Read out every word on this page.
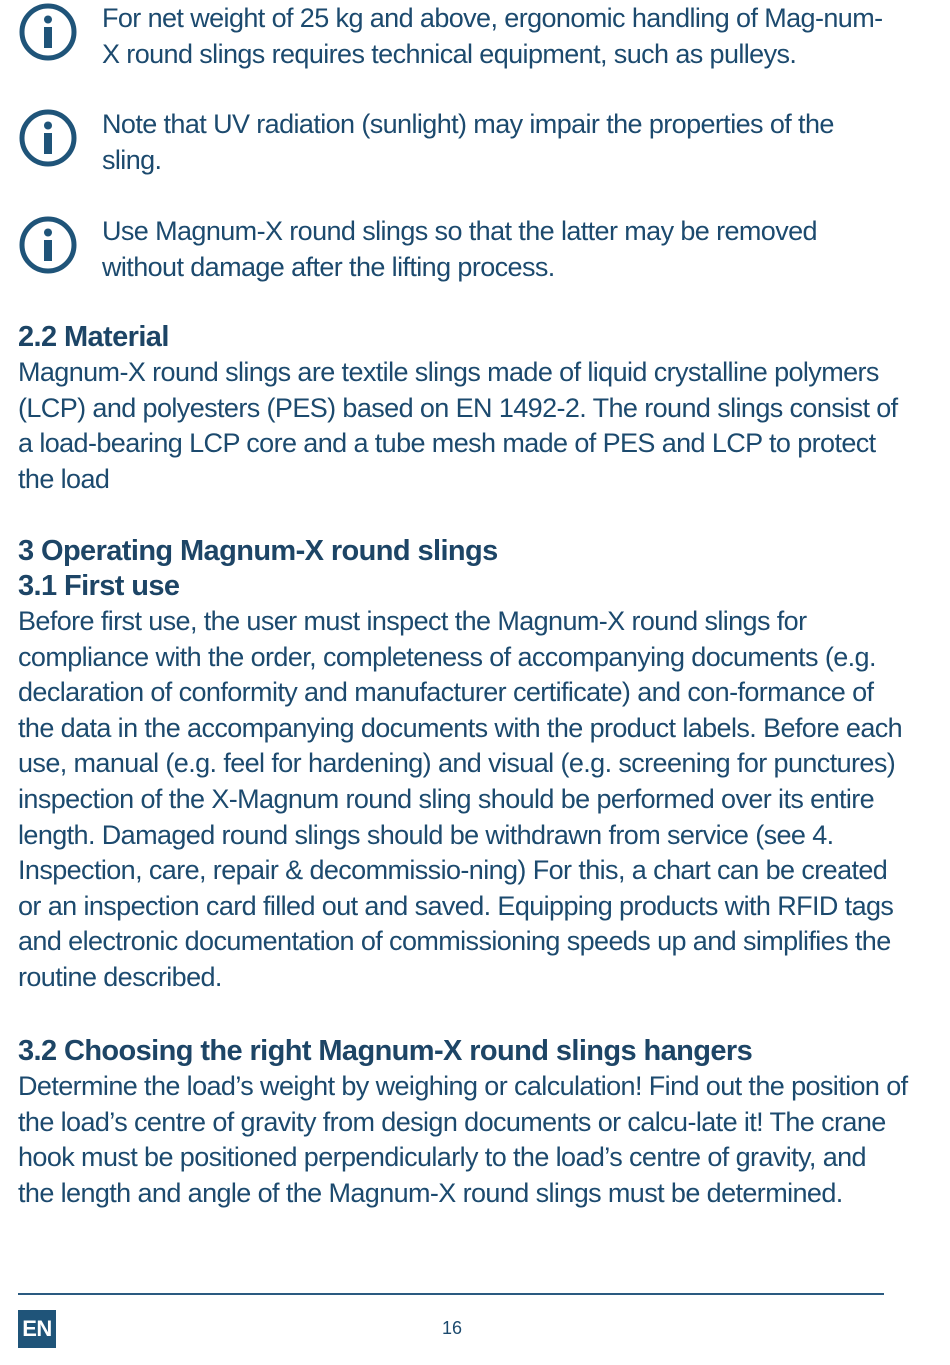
For net weight of 25 kg and above, ergonomic handling of Mag-num-X round slings requires technical equipment, such as pulleys.
Note that UV radiation (sunlight) may impair the properties of the sling.
Use Magnum-X round slings so that the latter may be removed without damage after the lifting process.
2.2 Material

Magnum-X round slings are textile slings made of liquid crystalline polymers (LCP) and polyesters (PES) based on EN 1492-2. The round slings consist of a load-bearing LCP core and a tube mesh made of PES and LCP to protect the load

3 Operating Magnum-X round slings
3.1 First use

Before first use, the user must inspect the Magnum-X round slings for compliance with the order, completeness of accompanying documents (e.g. declaration of conformity and manufacturer certificate) and con-formance of the data in the accompanying documents with the product labels. Before each use, manual (e.g. feel for hardening) and visual (e.g. screening for punctures) inspection of the X-Magnum round sling should be performed over its entire length. Damaged round slings should be withdrawn from service (see 4. Inspection, care, repair & decommissio-ning) For this, a chart can be created or an inspection card filled out and saved. Equipping products with RFID tags and electronic documentation of commissioning speeds up and simplifies the routine described.

3.2 Choosing the right Magnum-X round slings hangers

Determine the load’s weight by weighing or calculation! Find out the position of the load’s centre of gravity from design documents or calcu-late it! The crane hook must be positioned perpendicularly to the load’s centre of gravity, and the length and angle of the Magnum-X round slings must be determined.

EN	16
